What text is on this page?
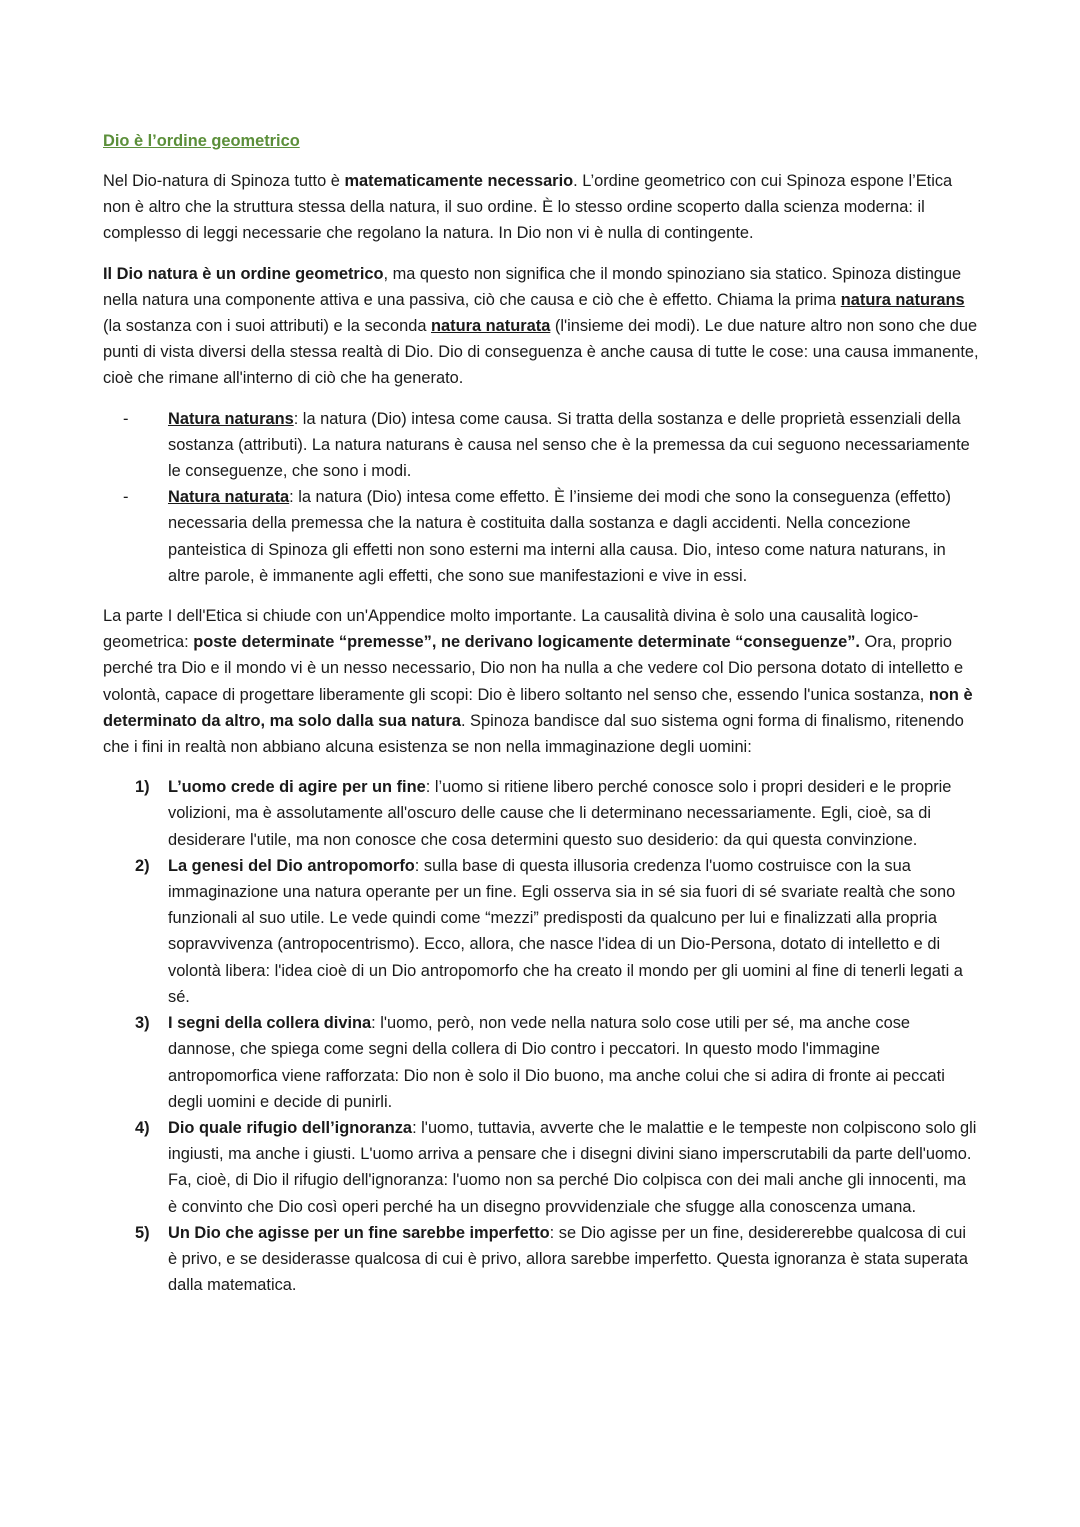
Dio è l’ordine geometrico

Nel Dio-natura di Spinoza tutto è matematicamente necessario. L’ordine geometrico con cui Spinoza espone l’Etica non è altro che la struttura stessa della natura, il suo ordine. È lo stesso ordine scoperto dalla scienza moderna: il complesso di leggi necessarie che regolano la natura. In Dio non vi è nulla di contingente.

Il Dio natura è un ordine geometrico, ma questo non significa che il mondo spinoziano sia statico. Spinoza distingue nella natura una componente attiva e una passiva, ciò che causa e ciò che è effetto. Chiama la prima natura naturans (la sostanza con i suoi attributi) e la seconda natura naturata (l'insieme dei modi). Le due nature altro non sono che due punti di vista diversi della stessa realtà di Dio. Dio di conseguenza è anche causa di tutte le cose: una causa immanente, cioè che rimane all'interno di ciò che ha generato.

- Natura naturans: la natura (Dio) intesa come causa. Si tratta della sostanza e delle proprietà essenziali della sostanza (attributi). La natura naturans è causa nel senso che è la premessa da cui seguono necessariamente le conseguenze, che sono i modi.
- Natura naturata: la natura (Dio) intesa come effetto. È l’insieme dei modi che sono la conseguenza (effetto) necessaria della premessa che la natura è costituita dalla sostanza e dagli accidenti. Nella concezione panteistica di Spinoza gli effetti non sono esterni ma interni alla causa. Dio, inteso come natura naturans, in altre parole, è immanente agli effetti, che sono sue manifestazioni e vive in essi.

La parte I dell'Etica si chiude con un'Appendice molto importante. La causalità divina è solo una causalità logico-geometrica: poste determinate “premesse”, ne derivano logicamente determinate “conseguenze”. Ora, proprio perché tra Dio e il mondo vi è un nesso necessario, Dio non ha nulla a che vedere col Dio persona dotato di intelletto e volontà, capace di progettare liberamente gli scopi: Dio è libero soltanto nel senso che, essendo l'unica sostanza, non è determinato da altro, ma solo dalla sua natura. Spinoza bandisce dal suo sistema ogni forma di finalismo, ritenendo che i fini in realtà non abbiano alcuna esistenza se non nella immaginazione degli uomini:

1) L’uomo crede di agire per un fine: l’uomo si ritiene libero perché conosce solo i propri desideri e le proprie volizioni, ma è assolutamente all'oscuro delle cause che li determinano necessariamente. Egli, cioè, sa di desiderare l'utile, ma non conosce che cosa determini questo suo desiderio: da qui questa convinzione.
2) La genesi del Dio antropomorfo: sulla base di questa illusoria credenza l'uomo costruisce con la sua immaginazione una natura operante per un fine. Egli osserva sia in sé sia fuori di sé svariate realtà che sono funzionali al suo utile. Le vede quindi come “mezzi” predisposti da qualcuno per lui e finalizzati alla propria sopravvivenza (antropocentrismo). Ecco, allora, che nasce l'idea di un Dio-Persona, dotato di intelletto e di volontà libera: l'idea cioè di un Dio antropomorfo che ha creato il mondo per gli uomini al fine di tenerli legati a sé.
3) I segni della collera divina: l'uomo, però, non vede nella natura solo cose utili per sé, ma anche cose dannose, che spiega come segni della collera di Dio contro i peccatori. In questo modo l'immagine antropomorfica viene rafforzata: Dio non è solo il Dio buono, ma anche colui che si adira di fronte ai peccati degli uomini e decide di punirli.
4) Dio quale rifugio dell’ignoranza: l'uomo, tuttavia, avverte che le malattie e le tempeste non colpiscono solo gli ingiusti, ma anche i giusti. L'uomo arriva a pensare che i disegni divini siano imperscrutabili da parte dell'uomo. Fa, cioè, di Dio il rifugio dell'ignoranza: l'uomo non sa perché Dio colpisca con dei mali anche gli innocenti, ma è convinto che Dio così operi perché ha un disegno provvidenziale che sfugge alla conoscenza umana.
5) Un Dio che agisse per un fine sarebbe imperfetto: se Dio agisse per un fine, desidererebbe qualcosa di cui è privo, e se desiderasse qualcosa di cui è privo, allora sarebbe imperfetto. Questa ignoranza è stata superata dalla matematica.
